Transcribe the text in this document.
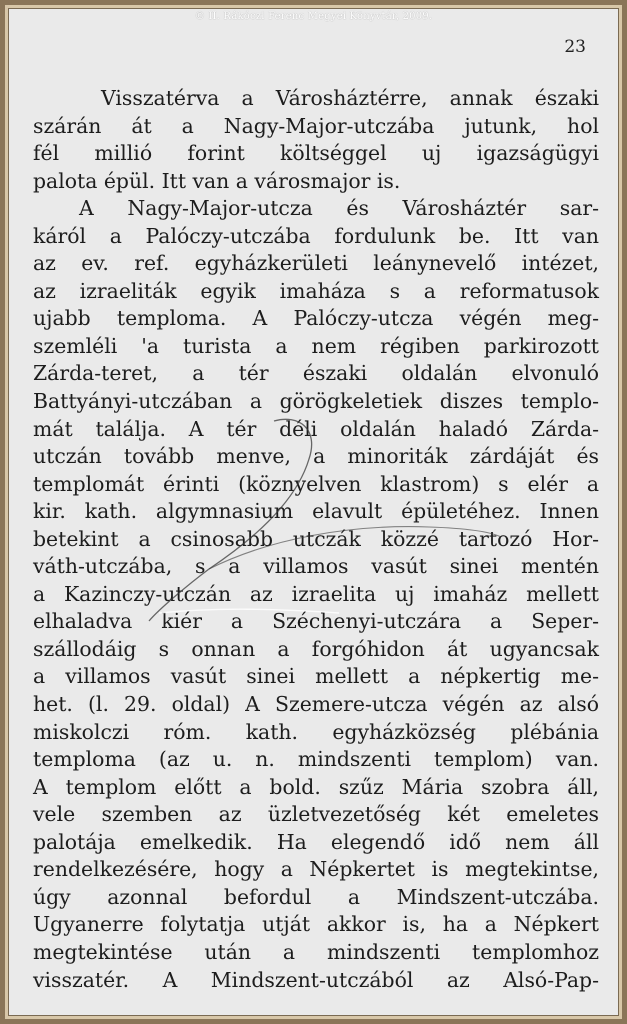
© II. Rákóczi Ferenc Megyei Könyvtár, 2009.
23
Visszatérva a Városháztérre, annak északi
szárán át a Nagy-Major-utczába jutunk, hol
fél millió forint költséggel uj igazságügyi
palota épül. Itt van a városmajor is.
A Nagy-Major-utcza és Városháztér sar-
káról a Palóczy-utczába fordulunk be. Itt van
az ev. ref. egyházkerületi leánynevelő intézet,
az izraeliták egyik imaháza s a reformatusok
ujabb temploma. A Palóczy-utcza végén meg-
szemléli 'a turista a nem régiben parkirozott
Zárda-teret, a tér északi oldalán elvonuló
Battyányi-utczában a görögkeletiek diszes templo-
mát találja. A tér déli oldalán haladó Zárda-
utczán tovább menve, a minoriták zárdáját és
templomát érinti (köznyelven klastrom) s elér a
kir. kath. algymnasium elavult épületéhez. Innen
betekint a csinosabb utczák közzé tartozó Hor-
váth-utczába, s a villamos vasút sinei mentén
a Kazinczy-utczán az izraelita uj imaház mellett
elhaladva kiér a Széchenyi-utczára a Seper-
szállodáig s onnan a forgóhidon át ugyancsak
a villamos vasút sinei mellett a népkertig me-
het. (l. 29. oldal) A Szemere-utcza végén az alsó
miskolczi róm. kath. egyházközség plébánia
temploma (az u. n. mindszenti templom) van.
A templom előtt a bold. szűz Mária szobra áll,
vele szemben az üzletvezetőség két emeletes
palotája emelkedik. Ha elegendő idő nem áll
rendelkezésére, hogy a Népkertet is megtekintse,
úgy azonnal befordul a Mindszent-utczába.
Ugyanerre folytatja utját akkor is, ha a Népkert
megtekintése után a mindszenti templomhoz
visszatér. A Mindszent-utczából az Alsó-Pap-
